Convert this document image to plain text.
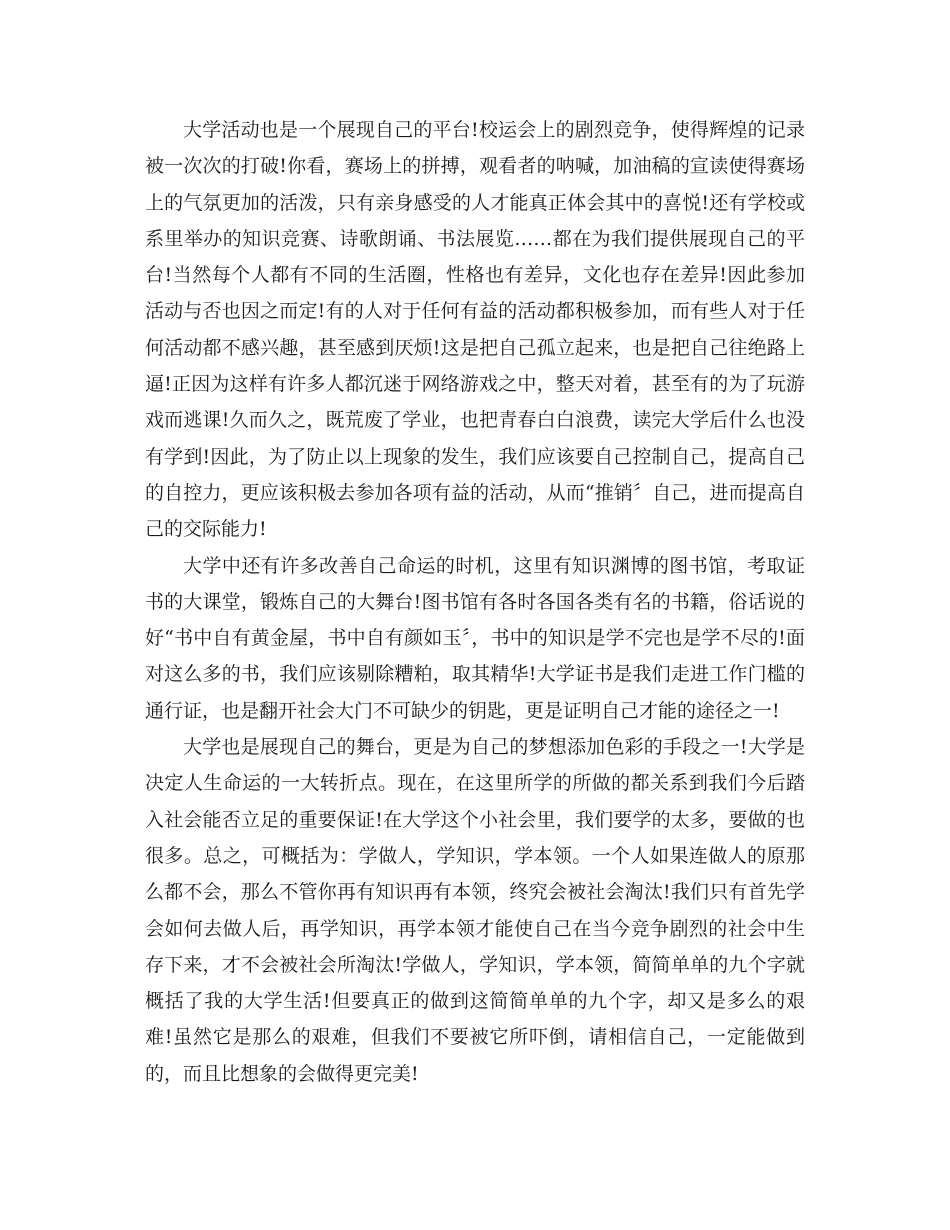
大学活动也是一个展现自己的平台!校运会上的剧烈竞争，使得辉煌的记录被一次次的打破!你看，赛场上的拼搏，观看者的呐喊，加油稿的宣读使得赛场上的气氛更加的活泼，只有亲身感受的人才能真正体会其中的喜悦!还有学校或系里举办的知识竞赛、诗歌朗诵、书法展览……都在为我们提供展现自己的平台!当然每个人都有不同的生活圈，性格也有差异，文化也存在差异!因此参加活动与否也因之而定!有的人对于任何有益的活动都积极参加，而有些人对于任何活动都不感兴趣，甚至感到厌烦!这是把自己孤立起来，也是把自己往绝路上逼!正因为这样有许多人都沉迷于网络游戏之中，整天对着，甚至有的为了玩游戏而逃课!久而久之，既荒废了学业，也把青春白白浪费，读完大学后什么也没有学到!因此，为了防止以上现象的发生，我们应该要自己控制自己，提高自己的自控力，更应该积极去参加各项有益的活动，从而“推销〞自己，进而提高自己的交际能力!

大学中还有许多改善自己命运的时机，这里有知识渊博的图书馆，考取证书的大课堂，锻炼自己的大舞台!图书馆有各时各国各类有名的书籍，俗话说的好“书中自有黄金屋，书中自有颜如玉〞，书中的知识是学不完也是学不尽的!面对这么多的书，我们应该剔除糟粕，取其精华!大学证书是我们走进工作门槛的通行证，也是翻开社会大门不可缺少的钥匙，更是证明自己才能的途径之一!

大学也是展现自己的舞台，更是为自己的梦想添加色彩的手段之一!大学是决定人生命运的一大转折点。现在，在这里所学的所做的都关系到我们今后踏入社会能否立足的重要保证!在大学这个小社会里，我们要学的太多，要做的也很多。总之，可概括为：学做人，学知识，学本领。一个人如果连做人的原那么都不会，那么不管你再有知识再有本领，终究会被社会淘汰!我们只有首先学会如何去做人后，再学知识，再学本领才能使自己在当今竞争剧烈的社会中生存下来，才不会被社会所淘汰!学做人，学知识，学本领，简简单单的九个字就概括了我的大学生活!但要真正的做到这简简单单的九个字，却又是多么的艰难!虽然它是那么的艰难，但我们不要被它所吓倒，请相信自己，一定能做到的，而且比想象的会做得更完美!
